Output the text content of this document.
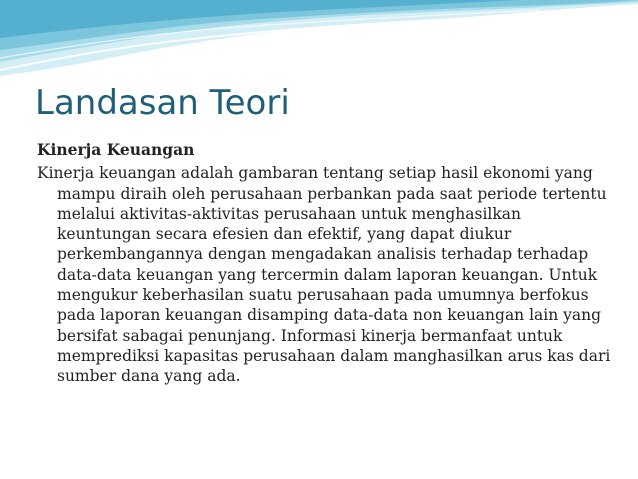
Landasan Teori

Kinerja Keuangan

Kinerja keuangan adalah gambaran tentang setiap hasil ekonomi yang mampu diraih oleh perusahaan perbankan pada saat periode tertentu melalui aktivitas-aktivitas perusahaan untuk menghasilkan keuntungan secara efesien dan efektif, yang dapat diukur perkembangannya dengan mengadakan analisis terhadap terhadap data-data keuangan yang tercermin dalam laporan keuangan. Untuk mengukur keberhasilan suatu perusahaan pada umumnya berfokus pada laporan keuangan disamping data-data non keuangan lain yang bersifat sabagai penunjang. Informasi kinerja bermanfaat untuk memprediksi kapasitas perusahaan dalam manghasilkan arus kas dari sumber dana yang ada.
